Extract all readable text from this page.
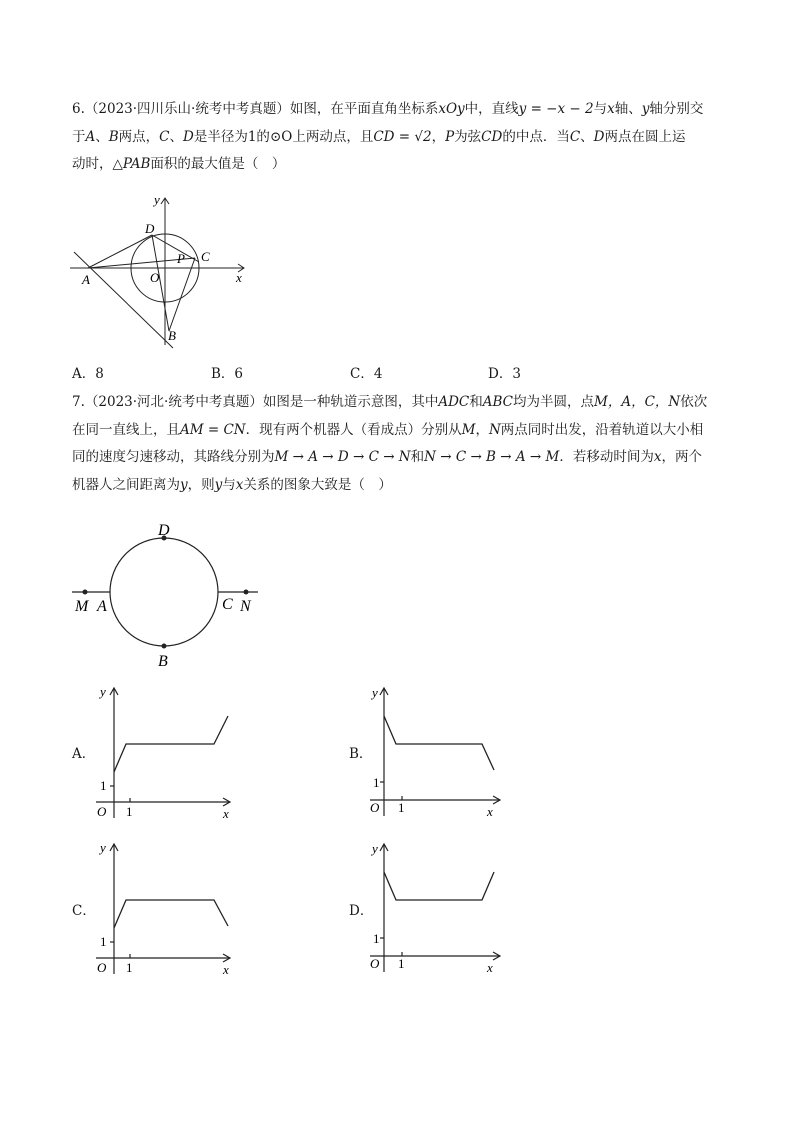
6.（2023·四川乐山·统考中考真题）如图，在平面直角坐标系xOy中，直线y = −x − 2与x轴、y轴分别交

于A、B两点，C、D是半径为1的⊙O上两动点，且CD = √2，P为弦CD的中点．当C、D两点在圆上运

动时，△PAB面积的最大值是（　）

y
x
O
A
B
C
D
P
A．8	B．6	C．4	D．3

7.（2023·河北·统考中考真题）如图是一种轨道示意图，其中ADC和ABC均为半圆，点M，A，C，N依次

在同一直线上，且AM = CN．现有两个机器人（看成点）分别从M，N两点同时出发，沿着轨道以大小相

同的速度匀速移动，其路线分别为M → A → D → C → N和N → C → B → A → M．若移动时间为x，两个

机器人之间距离为y，则y与x关系的图象大致是（　）

D
M A	C N
B
A．	B．
C．	D．
y
x
O
1
1
y
x
O
1
1
y
x
O
1
1
y
x
O
1
1
